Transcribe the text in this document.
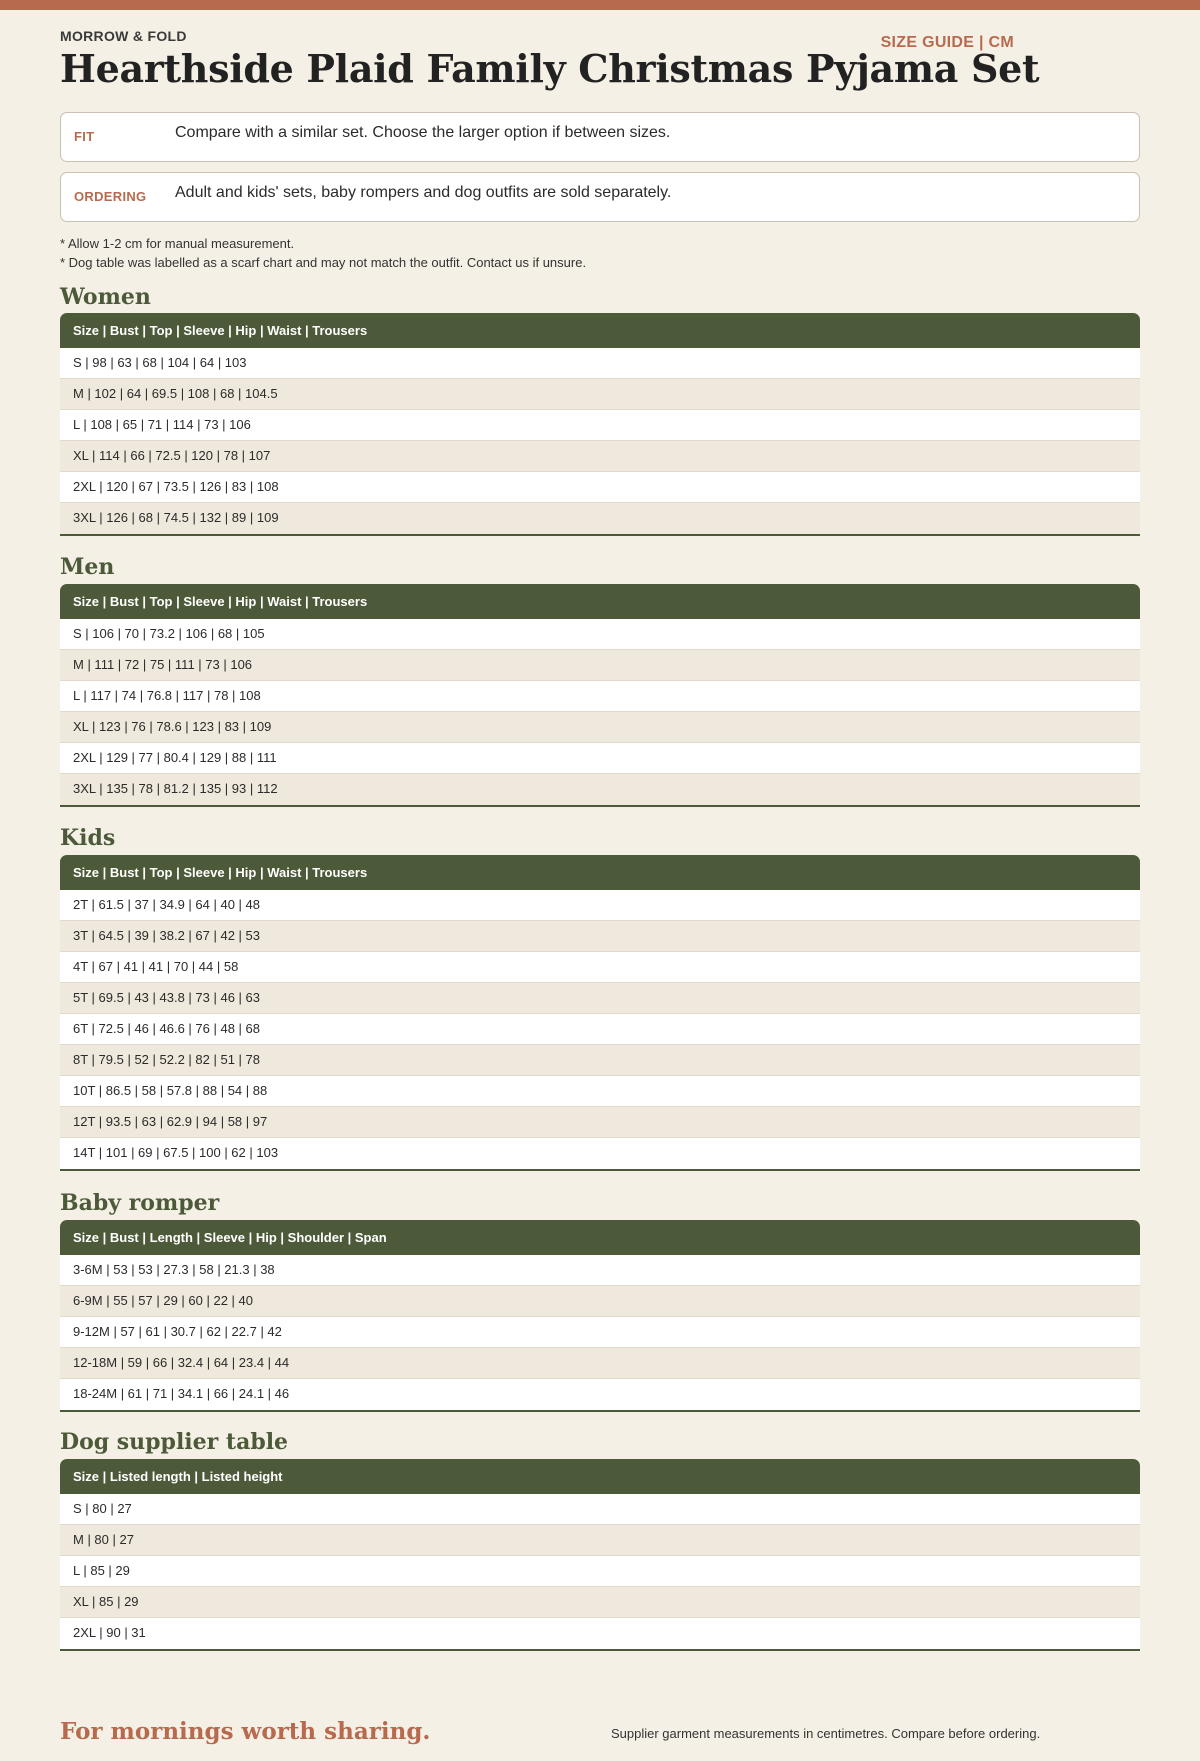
MORROW & FOLD	SIZE GUIDE | CM
Hearthside Plaid Family Christmas Pyjama Set
FIT	Compare with a similar set. Choose the larger option if between sizes.
ORDERING Adult and kids' sets, baby rompers and dog outfits are sold separately.
* Allow 1-2 cm for manual measurement.
* Dog table was labelled as a scarf chart and may not match the outfit. Contact us if unsure.
Women
Size | Bust | Top | Sleeve | Hip | Waist | Trousers
S | 98 | 63 | 68 | 104 | 64 | 103
M | 102 | 64 | 69.5 | 108 | 68 | 104.5
L | 108 | 65 | 71 | 114 | 73 | 106
XL | 114 | 66 | 72.5 | 120 | 78 | 107
2XL | 120 | 67 | 73.5 | 126 | 83 | 108
3XL | 126 | 68 | 74.5 | 132 | 89 | 109
Men
Size | Bust | Top | Sleeve | Hip | Waist | Trousers
S | 106 | 70 | 73.2 | 106 | 68 | 105
M | 111 | 72 | 75 | 111 | 73 | 106
L | 117 | 74 | 76.8 | 117 | 78 | 108
XL | 123 | 76 | 78.6 | 123 | 83 | 109
2XL | 129 | 77 | 80.4 | 129 | 88 | 111
3XL | 135 | 78 | 81.2 | 135 | 93 | 112
Kids
Size | Bust | Top | Sleeve | Hip | Waist | Trousers
2T | 61.5 | 37 | 34.9 | 64 | 40 | 48
3T | 64.5 | 39 | 38.2 | 67 | 42 | 53
4T | 67 | 41 | 41 | 70 | 44 | 58
5T | 69.5 | 43 | 43.8 | 73 | 46 | 63
6T | 72.5 | 46 | 46.6 | 76 | 48 | 68
8T | 79.5 | 52 | 52.2 | 82 | 51 | 78
10T | 86.5 | 58 | 57.8 | 88 | 54 | 88
12T | 93.5 | 63 | 62.9 | 94 | 58 | 97
14T | 101 | 69 | 67.5 | 100 | 62 | 103
Baby romper
Size | Bust | Length | Sleeve | Hip | Shoulder | Span
3-6M | 53 | 53 | 27.3 | 58 | 21.3 | 38
6-9M | 55 | 57 | 29 | 60 | 22 | 40
9-12M | 57 | 61 | 30.7 | 62 | 22.7 | 42
12-18M | 59 | 66 | 32.4 | 64 | 23.4 | 44
18-24M | 61 | 71 | 34.1 | 66 | 24.1 | 46
Dog supplier table
Size | Listed length | Listed height
S | 80 | 27
M | 80 | 27
L | 85 | 29
XL | 85 | 29
2XL | 90 | 31
For mornings worth sharing.	Supplier garment measurements in centimetres. Compare before ordering.
